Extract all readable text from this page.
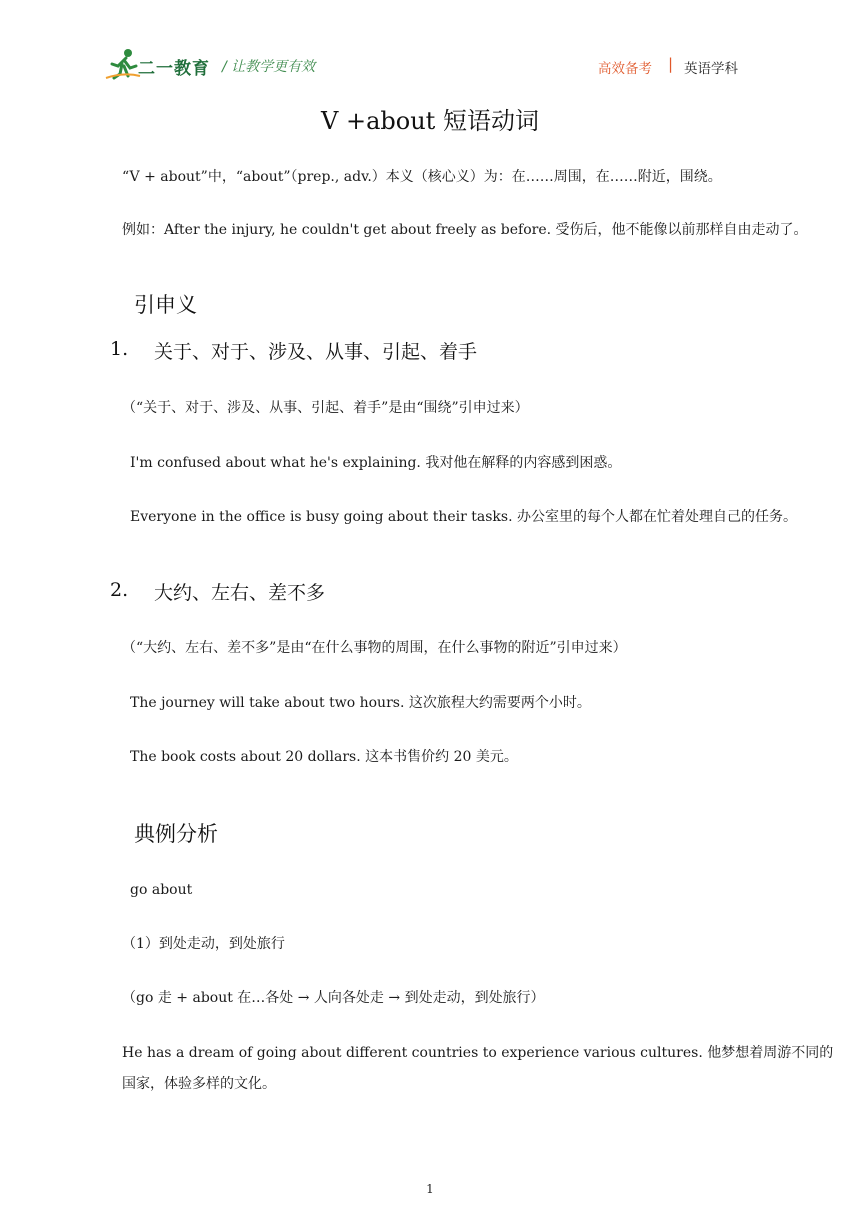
二一教育 / 让教学更有效	高效备考 | 英语学科
V +about 短语动词
“V + about”中，“about”（prep., adv.）本义（核心义）为：在……周围，在……附近，围绕。
例如：After the injury, he couldn't get about freely as before. 受伤后，他不能像以前那样自由走动了。
引申义
1. 关于、对于、涉及、从事、引起、着手
（“关于、对于、涉及、从事、引起、着手”是由“围绕”引申过来）
I'm confused about what he's explaining. 我对他在解释的内容感到困惑。
Everyone in the office is busy going about their tasks. 办公室里的每个人都在忙着处理自己的任务。
2. 大约、左右、差不多
（“大约、左右、差不多”是由“在什么事物的周围，在什么事物的附近”引申过来）
The journey will take about two hours. 这次旅程大约需要两个小时。
The book costs about 20 dollars. 这本书售价约 20 美元。
典例分析
go about
（1）到处走动，到处旅行
（go 走 + about 在…各处 → 人向各处走 → 到处走动，到处旅行）
He has a dream of going about different countries to experience various cultures. 他梦想着周游不同的
国家，体验多样的文化。
1
